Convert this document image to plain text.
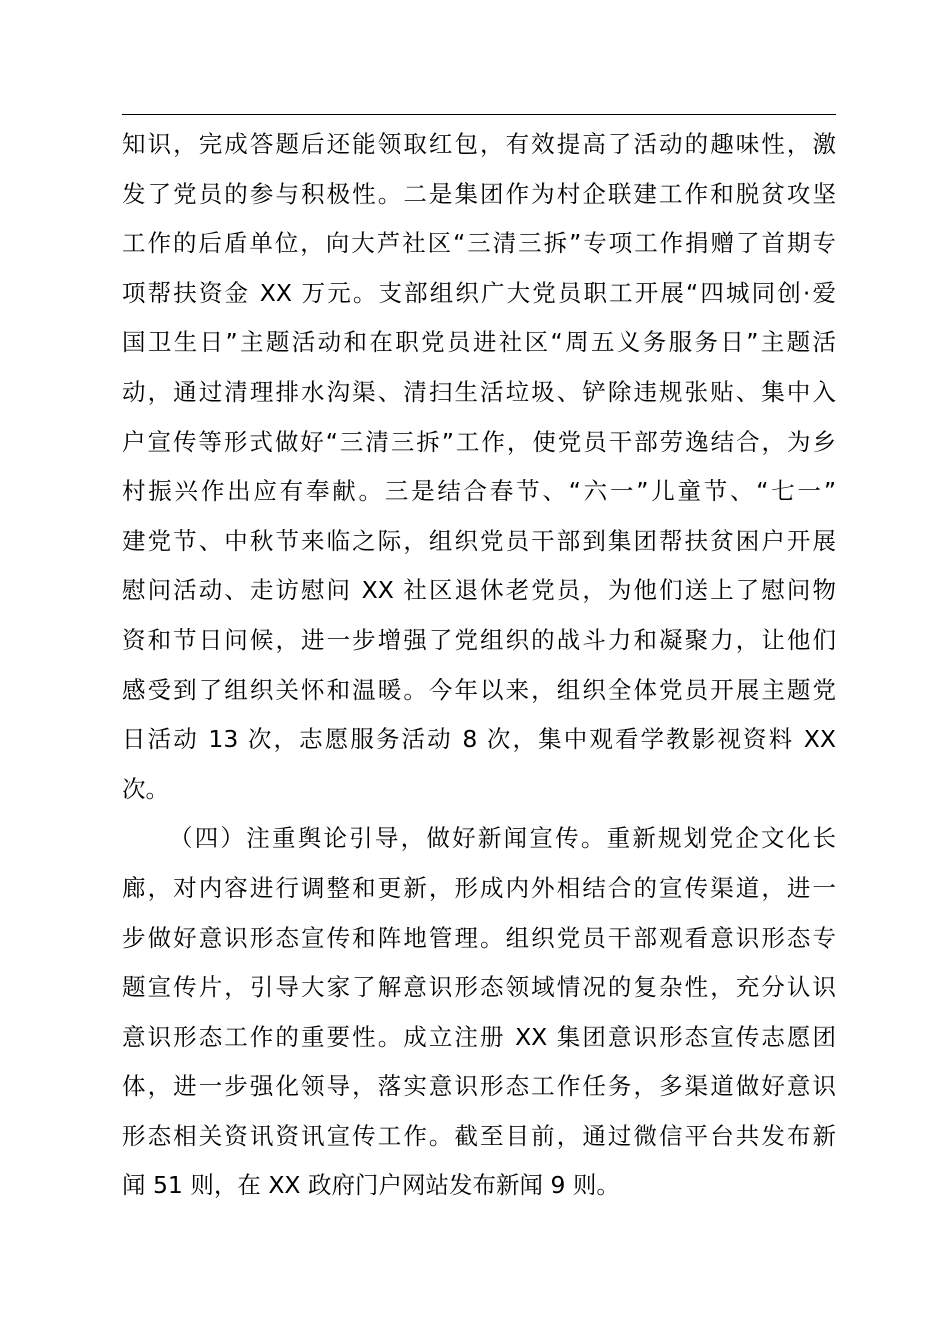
知识，完成答题后还能领取红包，有效提高了活动的趣味性，激
发了党员的参与积极性。二是集团作为村企联建工作和脱贫攻坚
工作的后盾单位，向大芦社区“三清三拆”专项工作捐赠了首期专
项帮扶资金 XX 万元。支部组织广大党员职工开展“四城同创·爱
国卫生日”主题活动和在职党员进社区“周五义务服务日”主题活
动，通过清理排水沟渠、清扫生活垃圾、铲除违规张贴、集中入
户宣传等形式做好“三清三拆”工作，使党员干部劳逸结合，为乡
村振兴作出应有奉献。三是结合春节、“六一”儿童节、“七一”
建党节、中秋节来临之际，组织党员干部到集团帮扶贫困户开展
慰问活动、走访慰问 XX 社区退休老党员，为他们送上了慰问物
资和节日问候，进一步增强了党组织的战斗力和凝聚力，让他们
感受到了组织关怀和温暖。今年以来，组织全体党员开展主题党
日活动 13 次，志愿服务活动 8 次，集中观看学教影视资料 XX
次。
（四）注重舆论引导，做好新闻宣传。重新规划党企文化长
廊，对内容进行调整和更新，形成内外相结合的宣传渠道，进一
步做好意识形态宣传和阵地管理。组织党员干部观看意识形态专
题宣传片，引导大家了解意识形态领域情况的复杂性，充分认识
意识形态工作的重要性。成立注册 XX 集团意识形态宣传志愿团
体，进一步强化领导，落实意识形态工作任务，多渠道做好意识
形态相关资讯资讯宣传工作。截至目前，通过微信平台共发布新
闻 51 则，在 XX 政府门户网站发布新闻 9 则。
